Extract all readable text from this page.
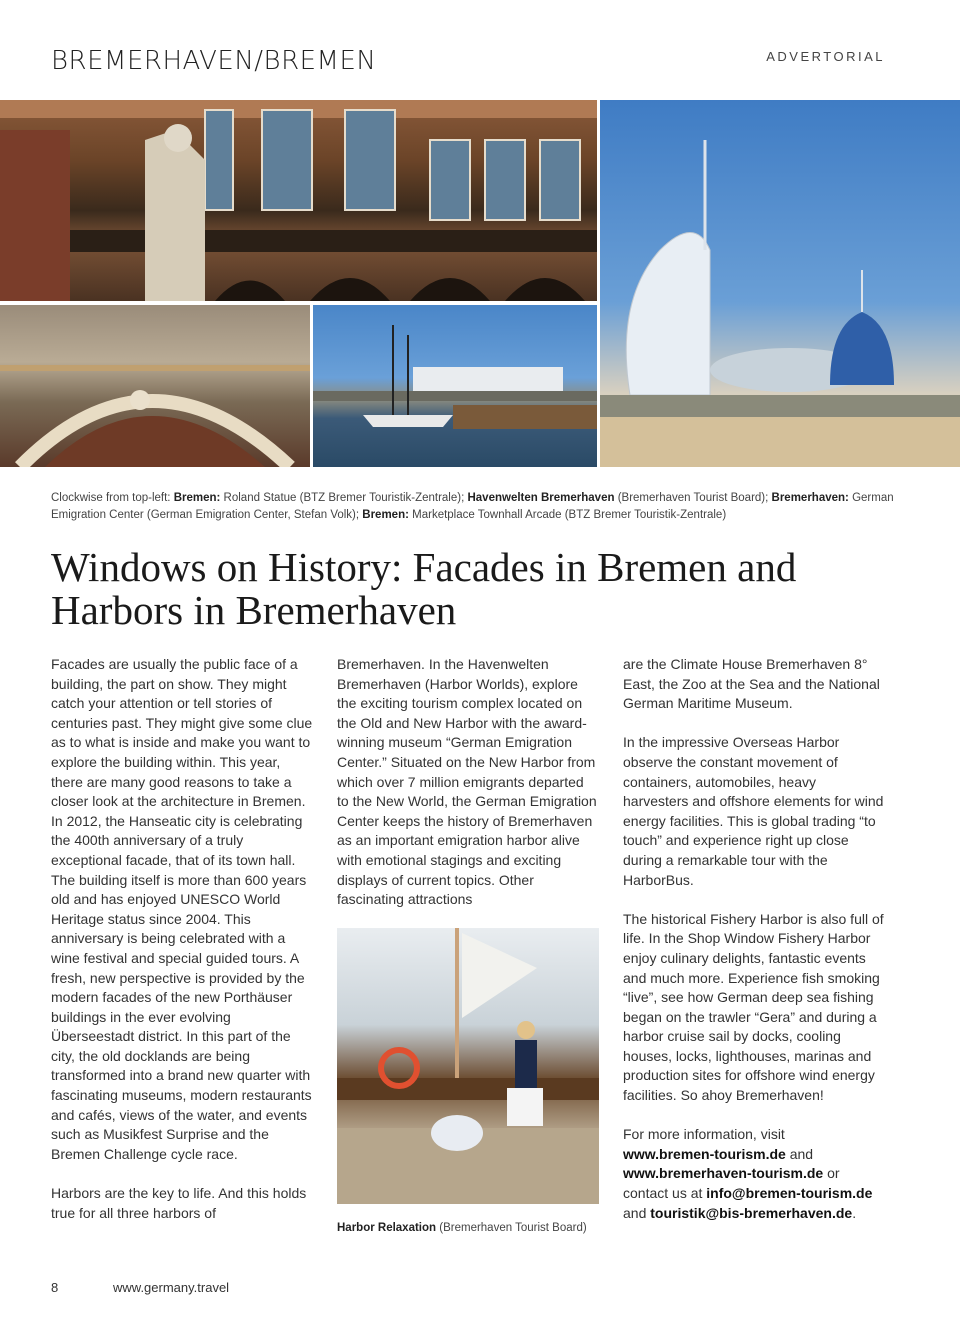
BREMERHAVEN/BREMEN	ADVERTORIAL
Clockwise from top-left: Bremen: Roland Statue (BTZ Bremer Touristik-Zentrale); Havenwelten Bremerhaven (Bremerhaven Tourist Board); Bremerhaven: German Emigration Center (German Emigration Center, Stefan Volk); Bremen: Marketplace Townhall Arcade (BTZ Bremer Touristik-Zentrale)
Windows on History: Facades in Bremen and Harbors in Bremerhaven

Facades are usually the public face of a building, the part on show. They might catch your attention or tell stories of centuries past. They might give some clue as to what is inside and make you want to explore the building within. This year, there are many good reasons to take a closer look at the architecture in Bremen. In 2012, the Hanseatic city is celebrating the 400th anniversary of a truly exceptional facade, that of its town hall. The building itself is more than 600 years old and has enjoyed UNESCO World Heritage status since 2004. This anniversary is being celebrated with a wine festival and special guided tours. A fresh, new perspective is provided by the modern facades of the new Porthäuser buildings in the ever evolving Überseestadt district. In this part of the city, the old docklands are being transformed into a brand new quarter with fascinating museums, modern restaurants and cafés, views of the water, and events such as Musikfest Surprise and the Bremen Challenge cycle race.

Harbors are the key to life. And this holds true for all three harbors of

Bremerhaven. In the Havenwelten Bremerhaven (Harbor Worlds), explore the exciting tourism complex located on the Old and New Harbor with the award-winning museum “German Emigration Center.” Situated on the New Harbor from which over 7 million emigrants departed to the New World, the German Emigration Center keeps the history of Bremerhaven as an important emigration harbor alive with emotional stagings and exciting displays of current topics. Other fascinating attractions

Harbor Relaxation (Bremerhaven Tourist Board)

are the Climate House Bremerhaven 8° East, the Zoo at the Sea and the National German Maritime Museum.

In the impressive Overseas Harbor observe the constant movement of containers, automobiles, heavy harvesters and offshore elements for wind energy facilities. This is global trading “to touch” and experience right up close during a remarkable tour with the HarborBus.

The historical Fishery Harbor is also full of life. In the Shop Window Fishery Harbor enjoy culinary delights, fantastic events and much more. Experience fish smoking “live”, see how German deep sea fishing began on the trawler “Gera” and during a harbor cruise sail by docks, cooling houses, locks, lighthouses, marinas and production sites for offshore wind energy facilities. So ahoy Bremerhaven!

For more information, visit
www.bremen-tourism.de and
www.bremerhaven-tourism.de or contact us at info@bremen-tourism.de
and touristik@bis-bremerhaven.de.

8	www.germany.travel
